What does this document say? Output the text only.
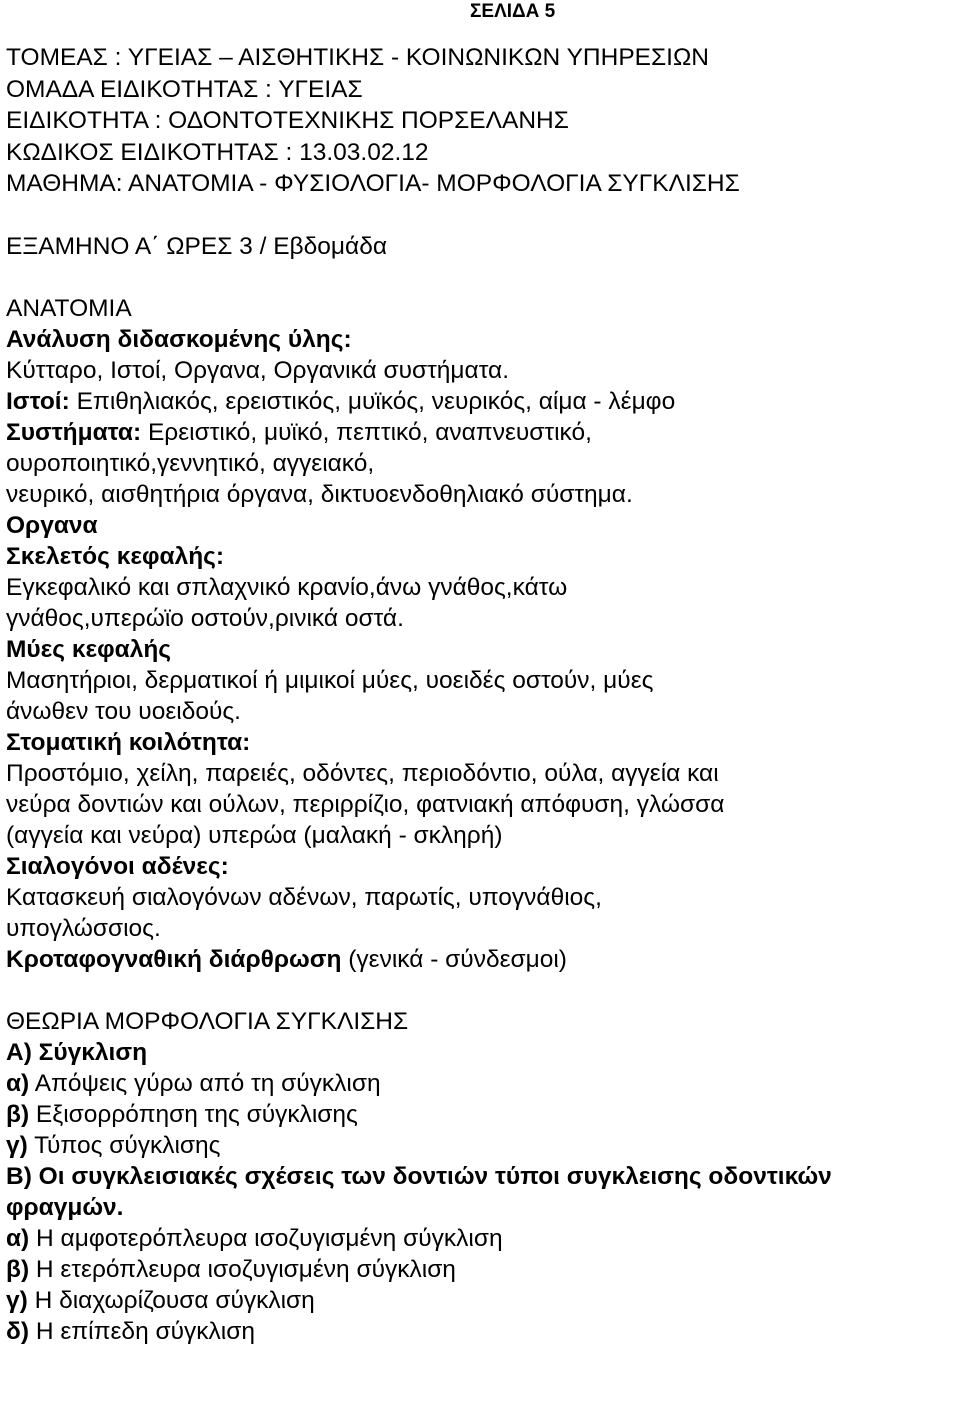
ΣΕΛΙΔΑ 5
ΤΟΜΕΑΣ : ΥΓΕΙΑΣ – ΑΙΣΘΗΤΙΚΗΣ - ΚΟΙΝΩΝΙΚΩΝ ΥΠΗΡΕΣΙΩΝ
ΟΜΑΔΑ ΕΙΔΙΚΟΤΗΤΑΣ : ΥΓΕΙΑΣ
ΕΙΔΙΚΟΤΗΤΑ : ΟΔΟΝΤΟΤΕΧΝΙΚΗΣ ΠΟΡΣΕΛΑΝΗΣ
ΚΩΔΙΚΟΣ ΕΙΔΙΚΟΤΗΤΑΣ : 13.03.02.12
ΜΑΘΗΜΑ: ΑΝΑΤΟΜΙΑ - ΦΥΣΙΟΛΟΓΙΑ- ΜΟΡΦΟΛΟΓΙΑ ΣΥΓΚΛΙΣΗΣ
ΕΞΑΜΗΝΟ Α΄ ΩΡΕΣ 3 / Εβδομάδα
ΑΝΑΤΟΜΙΑ
Ανάλυση διδασκομένης ύλης:
Κύτταρο, Ιστοί, Οργανα, Οργανικά συστήματα.
Ιστοί: Επιθηλιακός, ερειστικός, μυϊκός, νευρικός, αίμα - λέμφο
Συστήματα: Ερειστικό, μυϊκό, πεπτικό, αναπνευστικό,
ουροποιητικό,γεννητικό, αγγειακό,
νευρικό, αισθητήρια όργανα, δικτυοενδοθηλιακό σύστημα.
Οργανα
Σκελετός κεφαλής:
Εγκεφαλικό και σπλαχνικό κρανίο,άνω γνάθος,κάτω
γνάθος,υπερώϊο οστούν,ρινικά οστά.
Μύες κεφαλής
Μασητήριοι, δερματικοί ή μιμικοί μύες, υοειδές οστούν, μύες
άνωθεν του υοειδούς.
Στοματική κοιλότητα:
Προστόμιο, χείλη, παρειές, οδόντες, περιοδόντιο, ούλα, αγγεία και
νεύρα δοντιών και ούλων, περιρρίζιο, φατνιακή απόφυση, γλώσσα
(αγγεία και νεύρα) υπερώα (μαλακή - σκληρή)
Σιαλογόνοι αδένες:
Κατασκευή σιαλογόνων αδένων, παρωτίς, υπογνάθιος,
υπογλώσσιος.
Κροταφογναθική διάρθρωση (γενικά - σύνδεσμοι)
ΘΕΩΡΙΑ ΜΟΡΦΟΛΟΓΙΑ ΣΥΓΚΛΙΣΗΣ
Α) Σύγκλιση
α) Απόψεις γύρω από τη σύγκλιση
β) Εξισορρόπηση της σύγκλισης
γ) Τύπος σύγκλισης
Β) Οι συγκλεισιακές σχέσεις των δοντιών τύποι συγκλεισης οδοντικών
φραγμών.
α) Η αμφοτερόπλευρα ισοζυγισμένη σύγκλιση
β) Η ετερόπλευρα ισοζυγισμένη σύγκλιση
γ) Η διαχωρίζουσα σύγκλιση
δ) Η επίπεδη σύγκλιση
